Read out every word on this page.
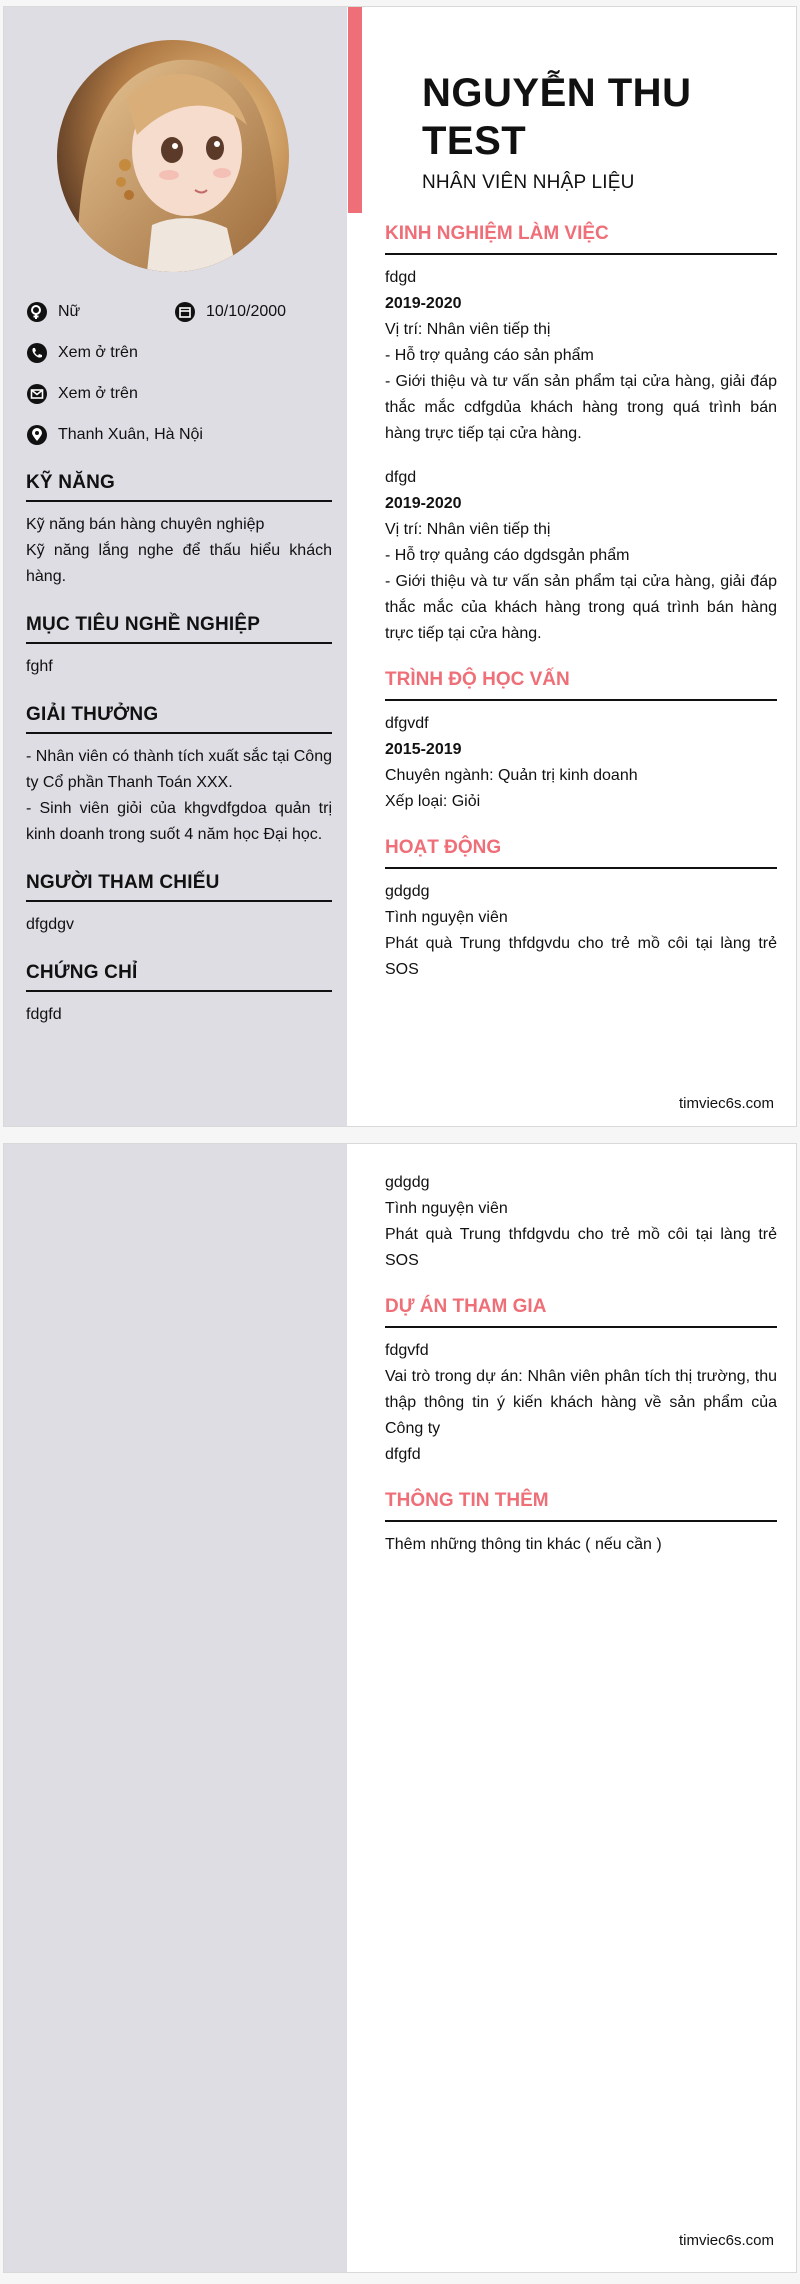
Nữ	10/10/2000
Xem ở trên
Xem ở trên
Thanh Xuân, Hà Nội
KỸ NĂNG

Kỹ năng bán hàng chuyên nghiệp

Kỹ năng lắng nghe để thấu hiểu khách hàng.

MỤC TIÊU NGHỀ NGHIỆP

fghf

GIẢI THƯỞNG

- Nhân viên có thành tích xuất sắc tại Công ty Cổ phần Thanh Toán XXX.

- Sinh viên giỏi của khgvdfgdoa quản trị kinh doanh trong suốt 4 năm học Đại học.

NGƯỜI THAM CHIẾU

dfgdgv

CHỨNG CHỈ

fdgfd

NGUYỄN THU TEST
NHÂN VIÊN NHẬP LIỆU
KINH NGHIỆM LÀM VIỆC

fdgd

2019-2020

Vị trí: Nhân viên tiếp thị

- Hỗ trợ quảng cáo sản phẩm

- Giới thiệu và tư vấn sản phẩm tại cửa hàng, giải đáp thắc mắc cdfgdủa khách hàng trong quá trình bán hàng trực tiếp tại cửa hàng.

dfgd

2019-2020

Vị trí: Nhân viên tiếp thị

- Hỗ trợ quảng cáo dgdsgản phẩm

- Giới thiệu và tư vấn sản phẩm tại cửa hàng, giải đáp thắc mắc của khách hàng trong quá trình bán hàng trực tiếp tại cửa hàng.

TRÌNH ĐỘ HỌC VẤN

dfgvdf

2015-2019

Chuyên ngành: Quản trị kinh doanh

Xếp loại: Giỏi

HOẠT ĐỘNG

gdgdg

Tình nguyện viên

Phát quà Trung thfdgvdu cho trẻ mồ côi tại làng trẻ SOS

timviec6s.com

gdgdg

Tình nguyện viên

Phát quà Trung thfdgvdu cho trẻ mồ côi tại làng trẻ SOS

DỰ ÁN THAM GIA

fdgvfd

Vai trò trong dự án: Nhân viên phân tích thị trường, thu thập thông tin ý kiến khách hàng về sản phẩm của Công ty

dfgfd

THÔNG TIN THÊM

Thêm những thông tin khác ( nếu cần )

timviec6s.com
